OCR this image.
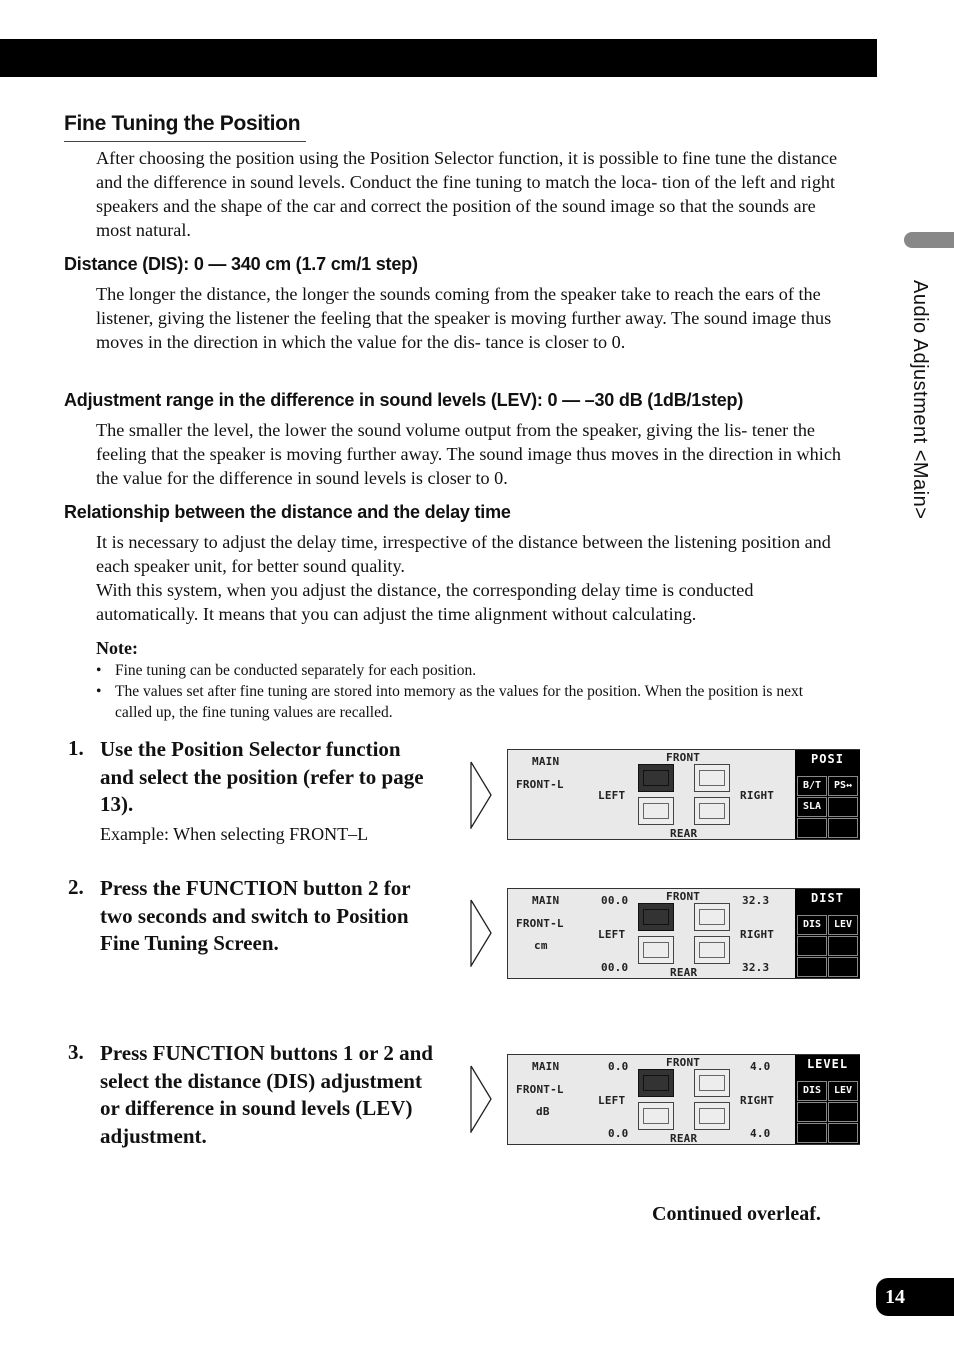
Audio Adjustment <Main>
Fine Tuning the Position
After choosing the position using the Position Selector function, it is possible to fine tune the distance and the difference in sound levels. Conduct the fine tuning to match the loca- tion of the left and right speakers and the shape of the car and correct the position of the sound image so that the sounds are most natural.
Distance (DIS): 0 — 340 cm (1.7 cm/1 step)
The longer the distance, the longer the sounds coming from the speaker take to reach the ears of the listener, giving the listener the feeling that the speaker is moving further away. The sound image thus moves in the direction in which the value for the dis- tance is closer to 0.
Adjustment range in the difference in sound levels (LEV): 0 — –30 dB (1dB/1step)
The smaller the level, the lower the sound volume output from the speaker, giving the lis- tener the feeling that the speaker is moving further away. The sound image thus moves in the direction in which the value for the difference in sound levels is closer to 0.
Relationship between the distance and the delay time

It is necessary to adjust the delay time, irrespective of the distance between the listening position and each speaker unit, for better sound quality.

With this system, when you adjust the distance, the corresponding delay time is conducted automatically. It means that you can adjust the time alignment without calculating.

Note:
• Fine tuning can be conducted separately for each position.
• The values set after fine tuning are stored into memory as the values for the position. When the position is next called up, the fine tuning values are recalled.
1. Use the Position Selector function and select the position (refer to page 13).
Example: When selecting FRONT–L
2. Press the FUNCTION button 2 for two seconds and switch to Position Fine Tuning Screen.
3. Press FUNCTION buttons 1 or 2 and select the distance (DIS) adjustment or difference in sound levels (LEV) adjustment.
MAIN
FRONT-L
FRONT
REAR
LEFT	RIGHT
POSI
B/T	PS↔
SLA
MAIN
FRONT-L
cm
00.0	32.3
00.0	32.3
FRONT
REAR
LEFT	RIGHT
DIST
DIS	LEV
MAIN
FRONT-L
dB
0.0	4.0
0.0	4.0
FRONT
REAR
LEFT	RIGHT
LEVEL
DIS	LEV
Continued overleaf.
14
